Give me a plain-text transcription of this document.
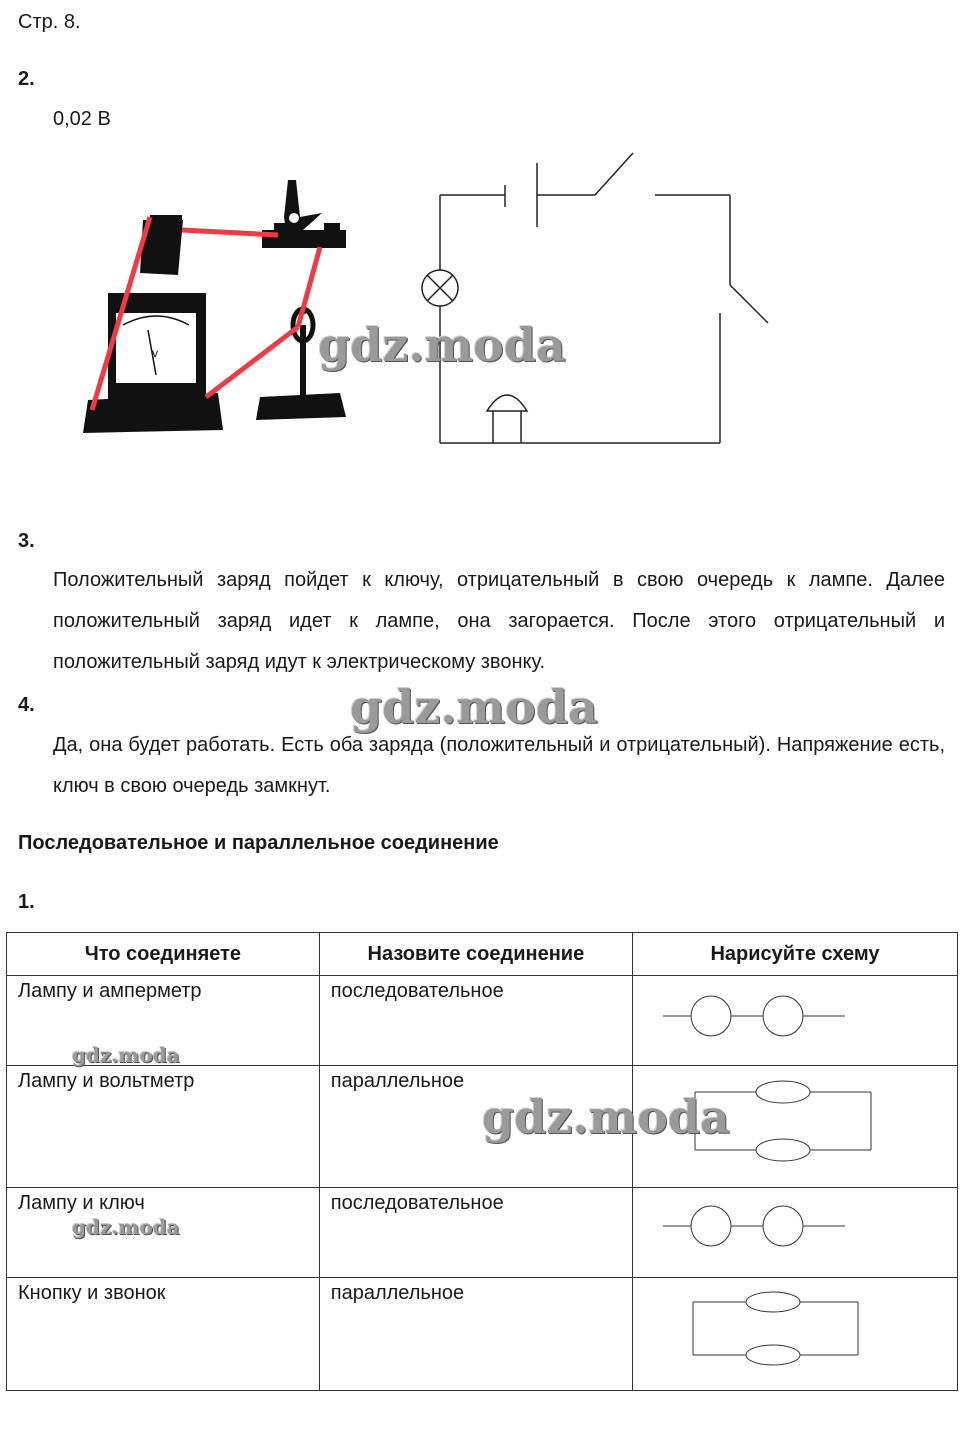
Стр. 8.
2.
0,02 В
V	gdz.moda
3.
Положительный заряд пойдет к ключу, отрицательный в свою очередь к лампе. Далее положительный заряд идет к лампе, она загорается. После этого отрицательный и положительный заряд идут к электрическому звонку.
4.	gdz.moda
Да, она будет работать. Есть оба заряда (положительный и отрицательный). Напряжение есть, ключ в свою очередь замкнут.
Последовательное и параллельное соединение
1.
Что соединяете	Назовите соединение	Нарисуйте схему

Лампу и амперметр	последовательное

Лампу и вольтметр	параллельное

Лампу и ключ	последовательное

Кнопку и звонок	параллельное

gdz.moda
gdz.moda
gdz.moda
